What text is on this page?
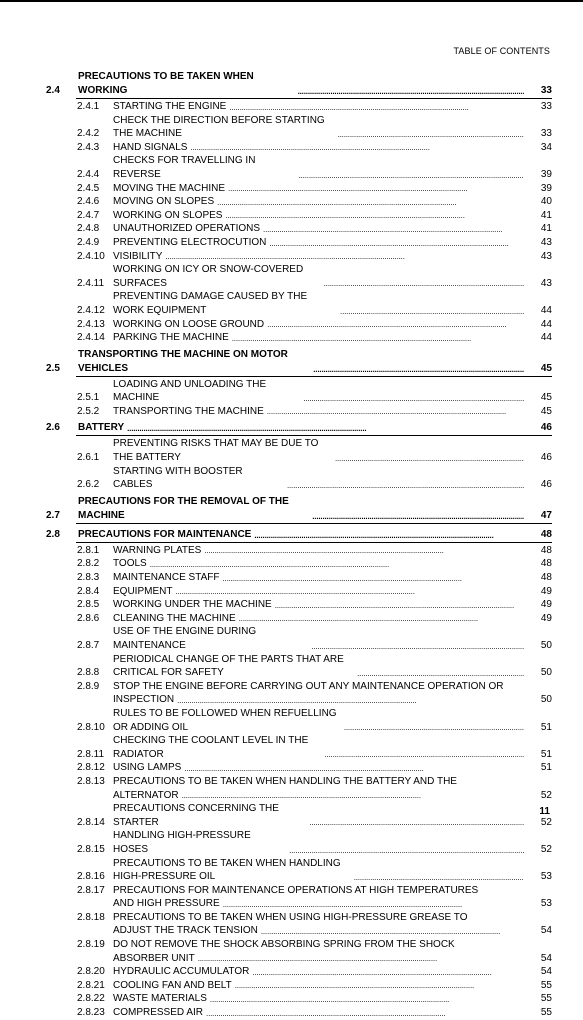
TABLE OF CONTENTS
2.4
PRECAUTIONS TO BE TAKEN WHEN WORKING . . .	33
2.4.1	STARTING THE ENGINE . . .	33
2.4.2
CHECK THE DIRECTION BEFORE STARTING THE MACHINE . . .	33
2.4.3	HAND SIGNALS . . .	34
2.4.4
CHECKS FOR TRAVELLING IN REVERSE . . .	39
2.4.5	MOVING THE MACHINE . . .	39
2.4.6	MOVING ON SLOPES . . .	40
2.4.7	WORKING ON SLOPES . . .	41
2.4.8	UNAUTHORIZED OPERATIONS . . .	41
2.4.9	PREVENTING ELECTROCUTION . . .	43
2.4.10 VISIBILITY . . .	43
2.4.11
WORKING ON ICY OR SNOW-COVERED SURFACES . . .	43
2.4.12
PREVENTING DAMAGE CAUSED BY THE WORK EQUIPMENT . . .	44
2.4.13 WORKING ON LOOSE GROUND . . .	44
2.4.14 PARKING THE MACHINE . . .	44
2.5
TRANSPORTING THE MACHINE ON MOTOR VEHICLES . . .	45
2.5.1
LOADING AND UNLOADING THE MACHINE . . .	45
2.5.2	TRANSPORTING THE MACHINE . . .	45
2.6	BATTERY . . .	46
2.6.1
PREVENTING RISKS THAT MAY BE DUE TO THE BATTERY . . .	46
2.6.2
STARTING WITH BOOSTER CABLES . . .	46
2.7
PRECAUTIONS FOR THE REMOVAL OF THE MACHINE . . .	47
2.8	PRECAUTIONS FOR MAINTENANCE . . .	48
2.8.1	WARNING PLATES . . .	48
2.8.2	TOOLS . . .	48
2.8.3	MAINTENANCE STAFF . . .	48
2.8.4	EQUIPMENT . . .	49
2.8.5	WORKING UNDER THE MACHINE . . .	49
2.8.6	CLEANING THE MACHINE . . .	49
2.8.7
USE OF THE ENGINE DURING MAINTENANCE . . .	50
2.8.8
PERIODICAL CHANGE OF THE PARTS THAT ARE CRITICAL FOR SAFETY . . .	50
2.8.9	STOP THE ENGINE BEFORE CARRYING OUT ANY MAINTENANCE OPERATION OR
INSPECTION . . .	50
2.8.10
RULES TO BE FOLLOWED WHEN REFUELLING OR ADDING OIL . . .	51
2.8.11
CHECKING THE COOLANT LEVEL IN THE RADIATOR . . .	51
2.8.12 USING LAMPS . . .	51
2.8.13 PRECAUTIONS TO BE TAKEN WHEN HANDLING THE BATTERY AND THE
ALTERNATOR . . .	52
2.8.14
PRECAUTIONS CONCERNING THE STARTER . . .	52
2.8.15
HANDLING HIGH-PRESSURE HOSES . . .	52
2.8.16
PRECAUTIONS TO BE TAKEN WHEN HANDLING HIGH-PRESSURE OIL . . .	53
2.8.17 PRECAUTIONS FOR MAINTENANCE OPERATIONS AT HIGH TEMPERATURES
AND HIGH PRESSURE . . .	53
2.8.18 PRECAUTIONS TO BE TAKEN WHEN USING HIGH-PRESSURE GREASE TO
ADJUST THE TRACK TENSION . . .	54
2.8.19 DO NOT REMOVE THE SHOCK ABSORBING SPRING FROM THE SHOCK
ABSORBER UNIT . . .	54
2.8.20 HYDRAULIC ACCUMULATOR . . .	54
2.8.21 COOLING FAN AND BELT . . .	55
2.8.22 WASTE MATERIALS . . .	55
2.8.23 COMPRESSED AIR . . .	55
11
